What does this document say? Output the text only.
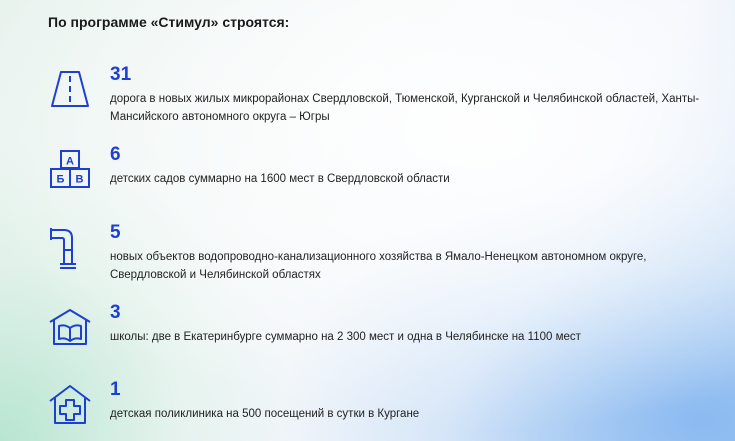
По программе «Стимул» строятся:
31
дорога в новых жилых микрорайонах Свердловской, Тюменской, Курганской и Челябинской областей, Ханты-Мансийского автономного округа – Югры
А
Б В
6
детских садов суммарно на 1600 мест в Свердловской области
5
новых объектов водопроводно-канализационного хозяйства в Ямало-Ненецком автономном округе, Свердловской и Челябинской областях
3
школы: две в Екатеринбурге суммарно на 2 300 мест и одна в Челябинске на 1100 мест
1
детская поликлиника на 500 посещений в сутки в Кургане
